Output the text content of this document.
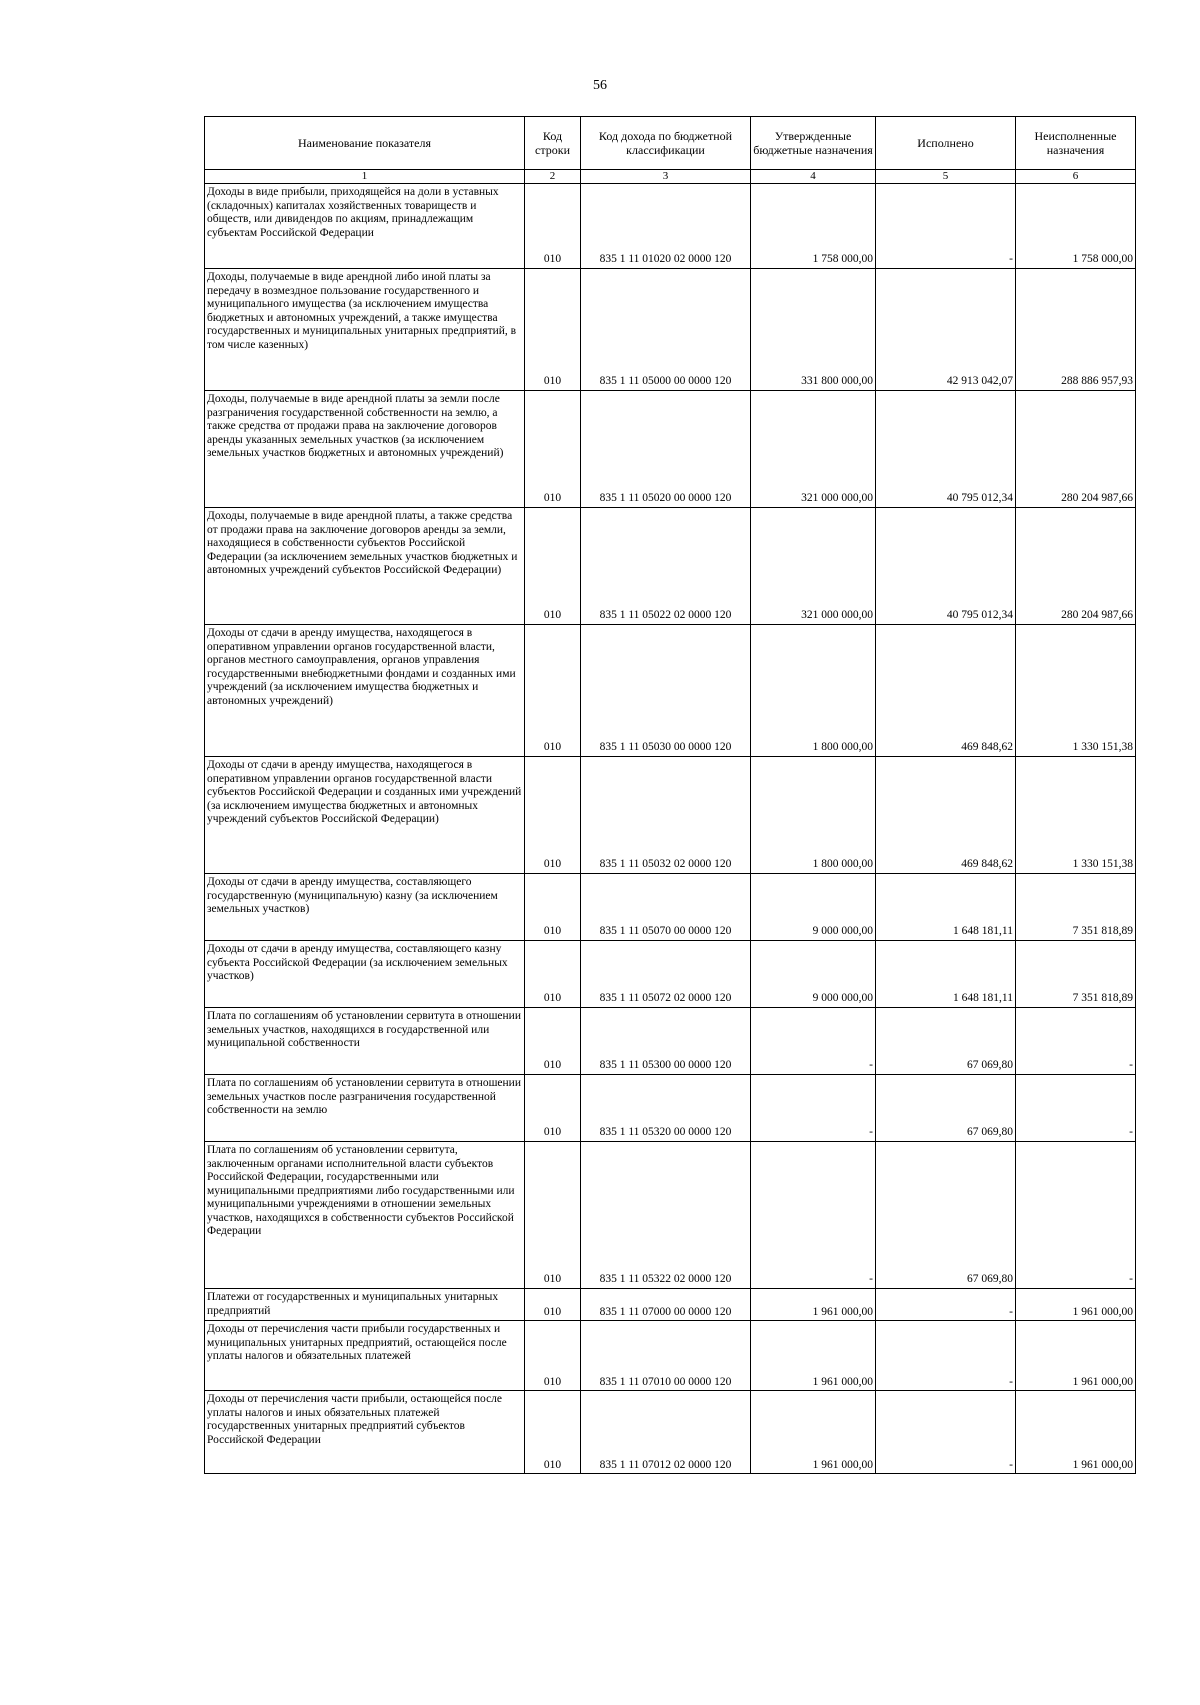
56
Наименование показателя	Код строки	Код дохода по бюджетной классификации	Утвержденные бюджетные назначения	Исполнено	Неисполненные назначения
1	2	3	4	5	6
Доходы в виде прибыли, приходящейся на доли в уставных (складочных) капиталах хозяйственных товариществ и обществ, или дивидендов по акциям, принадлежащим субъектам Российской Федерации	010	835 1 11 01020 02 0000 120	1 758 000,00	-	1 758 000,00
Доходы, получаемые в виде арендной либо иной платы за передачу в возмездное пользование государственного и муниципального имущества (за исключением имущества бюджетных и автономных учреждений, а также имущества государственных и муниципальных унитарных предприятий, в том числе казенных)	010	835 1 11 05000 00 0000 120	331 800 000,00	42 913 042,07	288 886 957,93
Доходы, получаемые в виде арендной платы за земли после разграничения государственной собственности на землю, а также средства от продажи права на заключение договоров аренды указанных земельных участков (за исключением земельных участков бюджетных и автономных учреждений)	010	835 1 11 05020 00 0000 120	321 000 000,00	40 795 012,34	280 204 987,66
Доходы, получаемые в виде арендной платы, а также средства от продажи права на заключение договоров аренды за земли, находящиеся в собственности субъектов Российской Федерации (за исключением земельных участков бюджетных и автономных учреждений субъектов Российской Федерации)	010	835 1 11 05022 02 0000 120	321 000 000,00	40 795 012,34	280 204 987,66
Доходы от сдачи в аренду имущества, находящегося в оперативном управлении органов государственной власти, органов местного самоуправления, органов управления государственными внебюджетными фондами и созданных ими учреждений (за исключением имущества бюджетных и автономных учреждений)	010	835 1 11 05030 00 0000 120	1 800 000,00	469 848,62	1 330 151,38
Доходы от сдачи в аренду имущества, находящегося в оперативном управлении органов государственной власти субъектов Российской Федерации и созданных ими учреждений (за исключением имущества бюджетных и автономных учреждений субъектов Российской Федерации)	010	835 1 11 05032 02 0000 120	1 800 000,00	469 848,62	1 330 151,38
Доходы от сдачи в аренду имущества, составляющего государственную (муниципальную) казну (за исключением земельных участков)	010	835 1 11 05070 00 0000 120	9 000 000,00	1 648 181,11	7 351 818,89
Доходы от сдачи в аренду имущества, составляющего казну субъекта Российской Федерации (за исключением земельных участков)	010	835 1 11 05072 02 0000 120	9 000 000,00	1 648 181,11	7 351 818,89
Плата по соглашениям об установлении сервитута в отношении земельных участков, находящихся в государственной или муниципальной собственности	010	835 1 11 05300 00 0000 120	-	67 069,80	-
Плата по соглашениям об установлении сервитута в отношении земельных участков после разграничения государственной собственности на землю	010	835 1 11 05320 00 0000 120	-	67 069,80	-
Плата по соглашениям об установлении сервитута, заключенным органами исполнительной власти субъектов Российской Федерации, государственными или муниципальными предприятиями либо государственными или муниципальными учреждениями в отношении земельных участков, находящихся в собственности субъектов Российской Федерации	010	835 1 11 05322 02 0000 120	-	67 069,80	-
Платежи от государственных и муниципальных унитарных предприятий	010	835 1 11 07000 00 0000 120	1 961 000,00	-	1 961 000,00
Доходы от перечисления части прибыли государственных и муниципальных унитарных предприятий, остающейся после уплаты налогов и обязательных платежей	010	835 1 11 07010 00 0000 120	1 961 000,00	-	1 961 000,00
Доходы от перечисления части прибыли, остающейся после уплаты налогов и иных обязательных платежей государственных унитарных предприятий субъектов Российской Федерации	010	835 1 11 07012 02 0000 120	1 961 000,00	-	1 961 000,00
